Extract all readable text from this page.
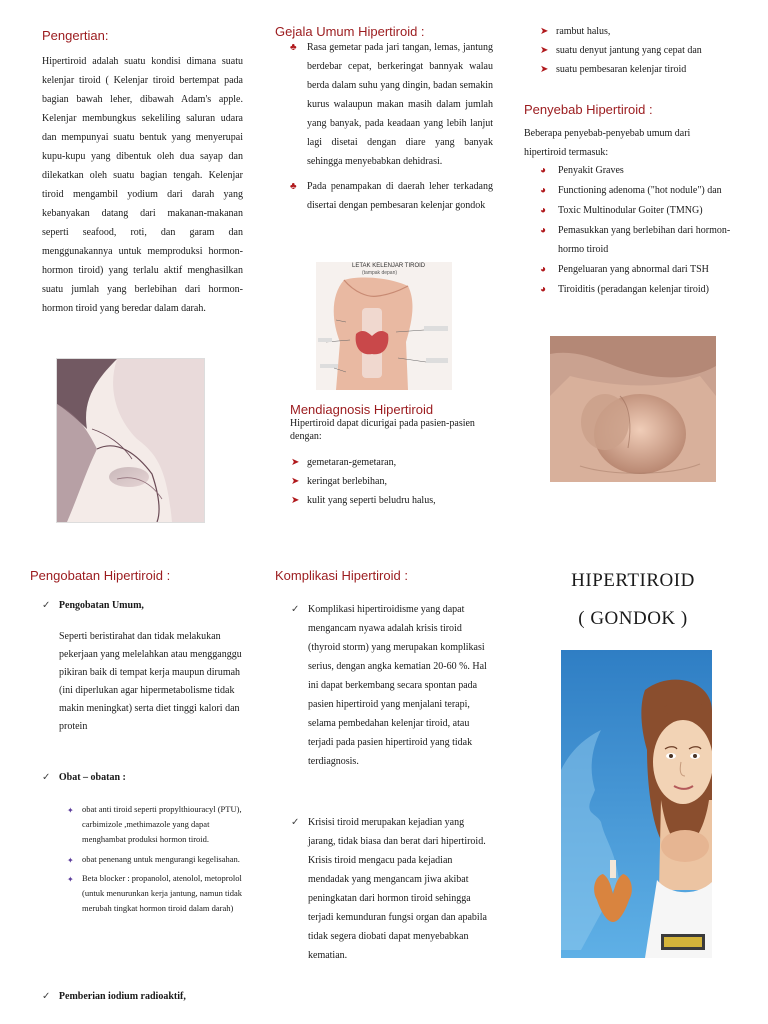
Pengertian:
Hipertiroid adalah suatu kondisi dimana suatu kelenjar tiroid ( Kelenjar tiroid bertempat pada bagian bawah leher, dibawah Adam's apple. Kelenjar membungkus sekeliling saluran udara dan mempunyai suatu bentuk yang menyerupai kupu-kupu yang dibentuk oleh dua sayap dan dilekatkan oleh suatu bagian tengah. Kelenjar tiroid mengambil yodium dari darah yang kebanyakan datang dari makanan-makanan seperti seafood, roti, dan garam dan menggunakannya untuk memproduksi hormon-hormon tiroid) yang terlalu aktif menghasilkan suatu jumlah yang berlebihan dari hormon-hormon tiroid yang beredar dalam darah.
Gejala Umum Hipertiroid :
♣ Rasa gemetar pada jari tangan, lemas, jantung berdebar cepat, berkeringat bannyak walau berda dalam suhu yang dingin, badan semakin kurus walaupun makan masih dalam jumlah yang banyak, pada keadaan yang lebih lanjut lagi disetai dengan diare yang banyak sehingga menyebabkan dehidrasi.
♣ Pada penampakan di daerah leher terkadang disertai dengan pembesaran kelenjar gondok
LETAK KELENJAR TIROID
(tampak depan)
Mendiagnosis Hipertiroid
Hipertiroid dapat dicurigai pada pasien-pasien dengan:
➤ gemetaran-gemetaran,
➤ keringat berlebihan,
➤ kulit yang seperti beludru halus,
➤ rambut halus,
➤ suatu denyut jantung yang cepat dan
➤ suatu pembesaran kelenjar tiroid
Penyebab Hipertiroid :
Beberapa penyebab-penyebab umum dari hipertiroid termasuk:
◕ Penyakit Graves
◕ Functioning adenoma ("hot nodule") dan
◕ Toxic Multinodular Goiter (TMNG)
◕ Pemasukkan yang berlebihan dari hormon-hormo tiroid
◕ Pengeluaran yang abnormal dari TSH
◕ Tiroiditis (peradangan kelenjar tiroid)
Pengobatan Hipertiroid :
✓ Pengobatan Umum,
Seperti beristirahat dan tidak melakukan pekerjaan yang melelahkan atau mengganggu pikiran baik di tempat kerja maupun dirumah (ini diperlukan agar hipermetabolisme tidak makin meningkat) serta diet tinggi kalori dan protein
✓ Obat – obatan :
✦ obat anti tiroid seperti propylthiouracyl (PTU), carbimizole ,methimazole yang dapat menghambat produksi hormon tiroid.
✦ obat penenang untuk mengurangi kegelisahan.
✦ Beta blocker : propanolol, atenolol, metoprolol (untuk menurunkan kerja jantung, namun tidak merubah tingkat hormon tiroid dalam darah)
✓ Pemberian iodium radioaktif,
Komplikasi Hipertiroid :
✓ Komplikasi hipertiroidisme yang dapat mengancam nyawa adalah krisis tiroid (thyroid storm) yang merupakan komplikasi serius, dengan angka kematian 20-60 %. Hal ini dapat berkembang secara spontan pada pasien hipertiroid yang menjalani terapi, selama pembedahan kelenjar tiroid, atau terjadi pada pasien hipertiroid yang tidak terdiagnosis.
✓ Krisisi tiroid merupakan kejadian yang jarang, tidak biasa dan berat dari hipertiroid. Krisis tiroid mengacu pada kejadian mendadak yang mengancam jiwa akibat peningkatan dari hormon tiroid sehingga terjadi kemunduran fungsi organ dan apabila tidak segera diobati dapat menyebabkan kematian.
HIPERTIROID
( GONDOK )
